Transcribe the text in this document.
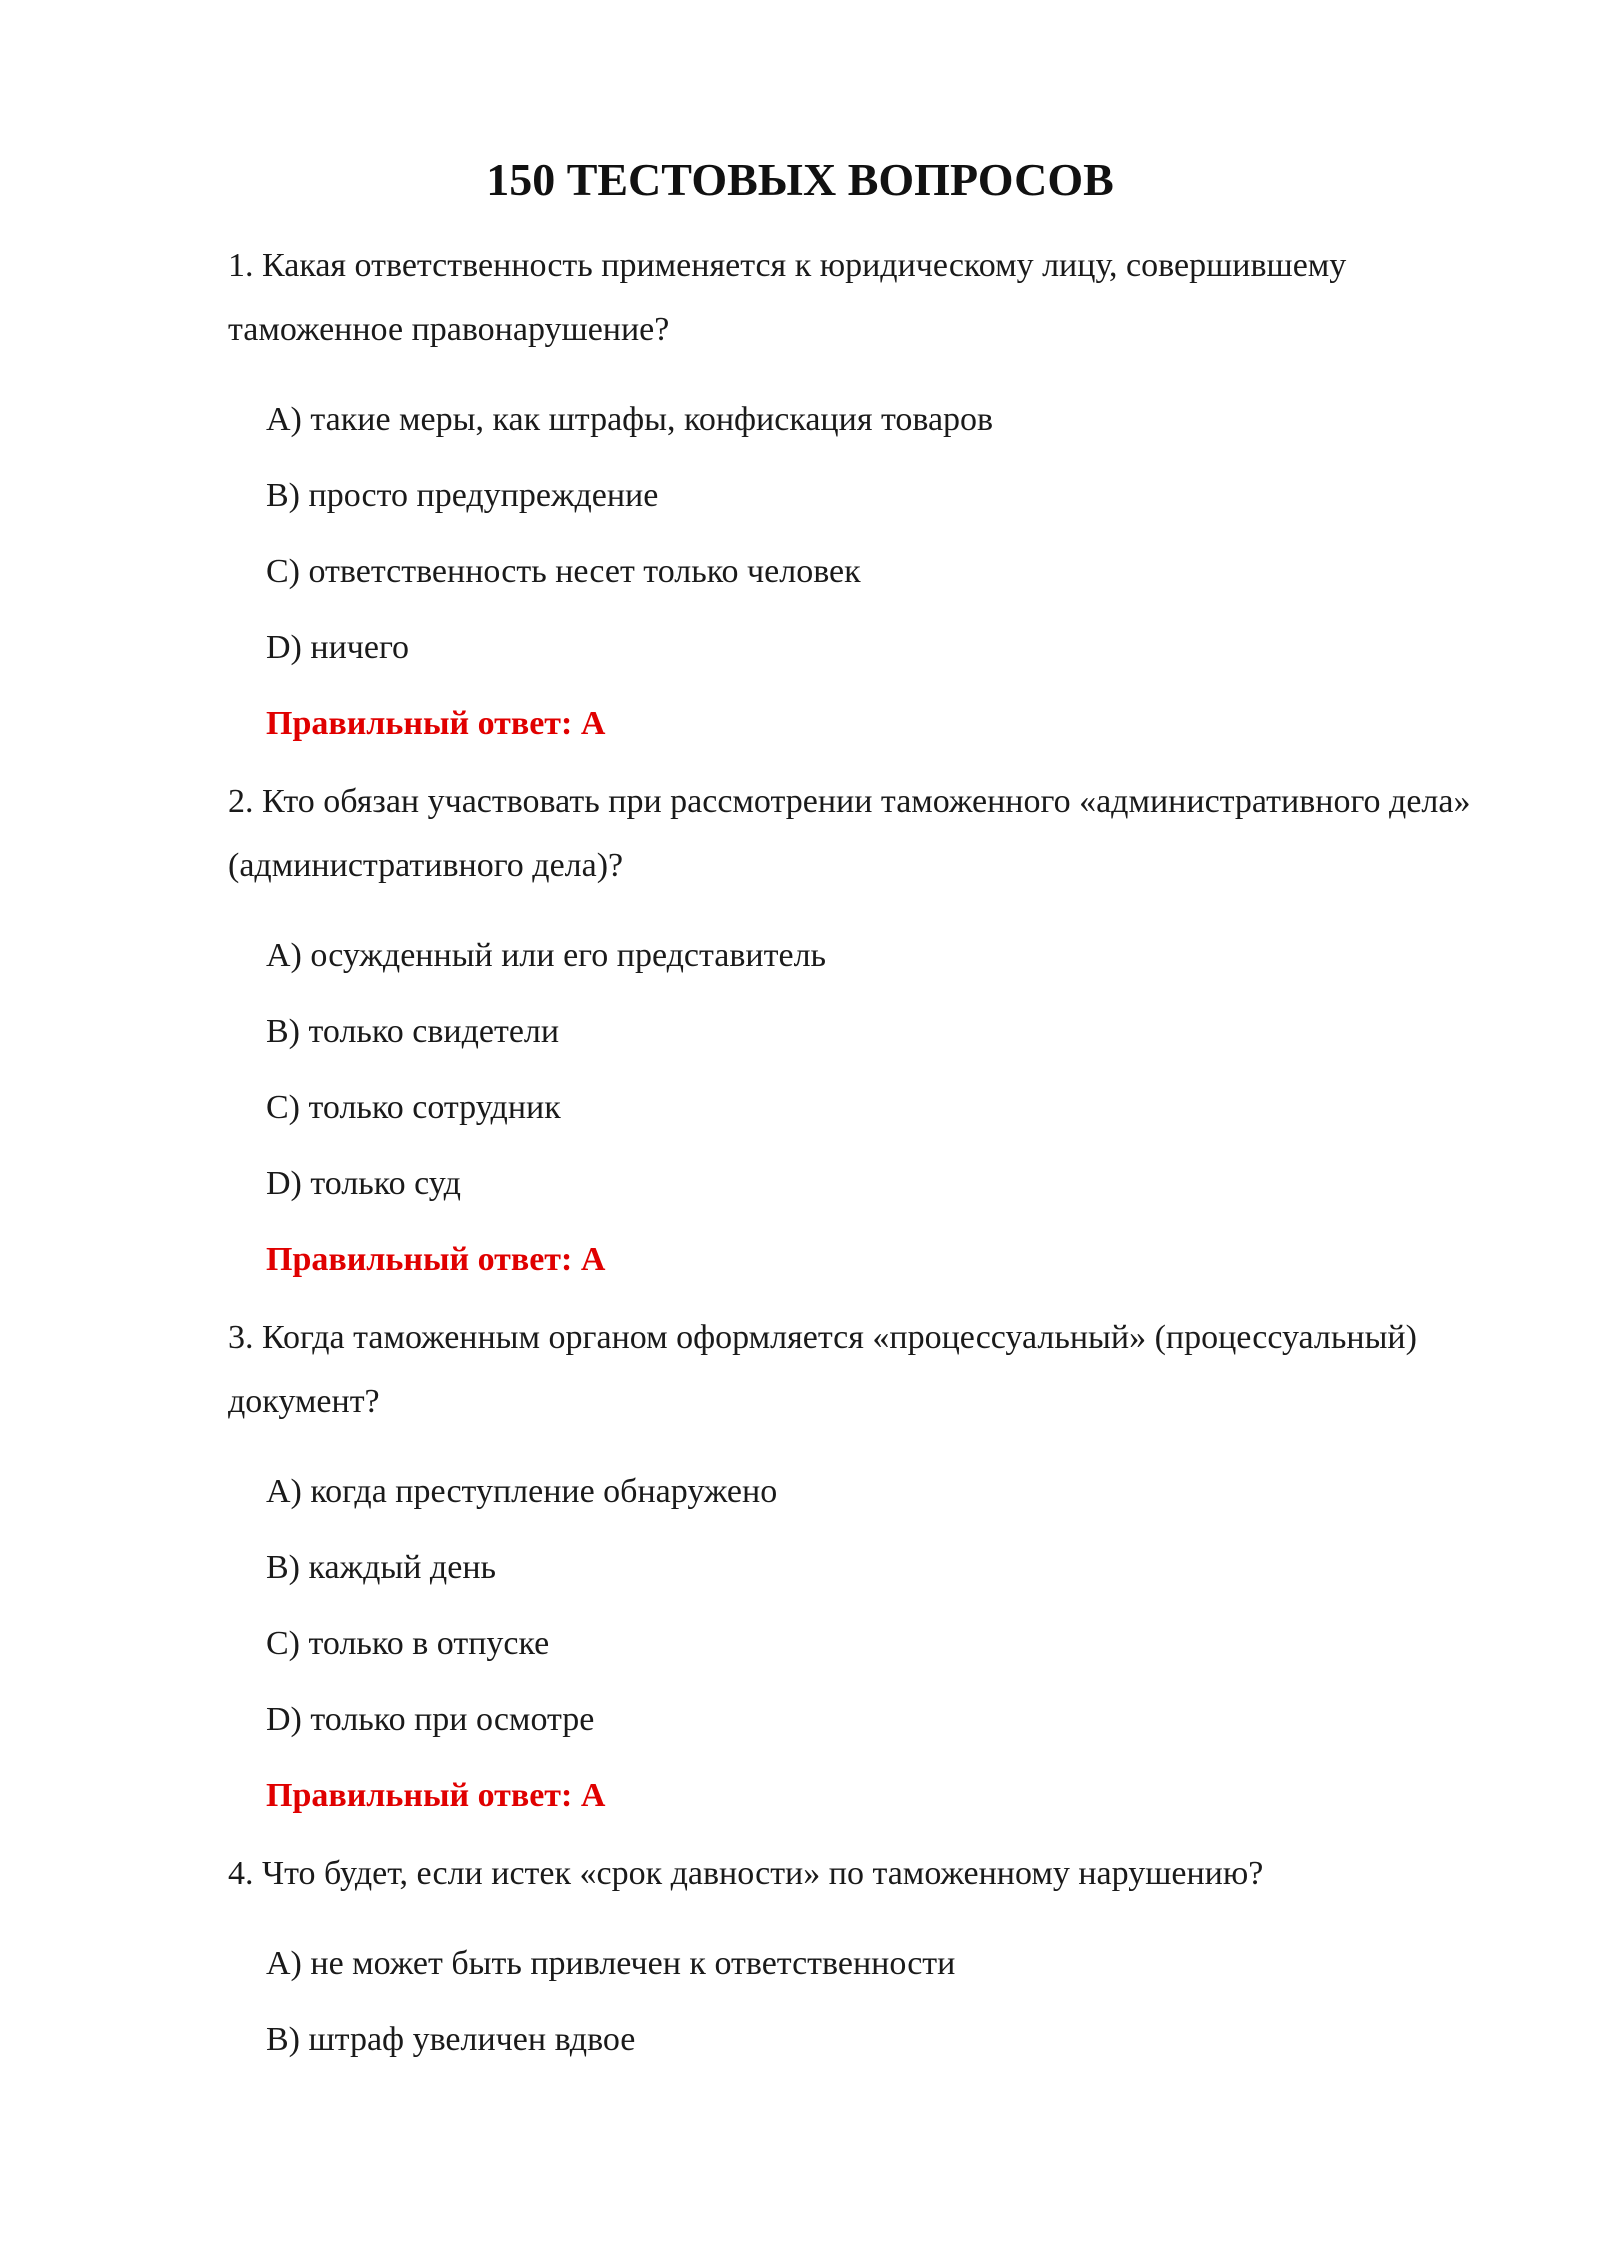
150 ТЕСТОВЫХ ВОПРОСОВ
1. Какая ответственность применяется к юридическому лицу, совершившему таможенное правонарушение?
A) такие меры, как штрафы, конфискация товаров
B) просто предупреждение
C) ответственность несет только человек
D) ничего
Правильный ответ: A
2. Кто обязан участвовать при рассмотрении таможенного «административного дела» (административного дела)?
A) осужденный или его представитель
B) только свидетели
C) только сотрудник
D) только суд
Правильный ответ: A
3. Когда таможенным органом оформляется «процессуальный» (процессуальный) документ?
A) когда преступление обнаружено
B) каждый день
C) только в отпуске
D) только при осмотре
Правильный ответ: A
4. Что будет, если истек «срок давности» по таможенному нарушению?
A) не может быть привлечен к ответственности
B) штраф увеличен вдвое
